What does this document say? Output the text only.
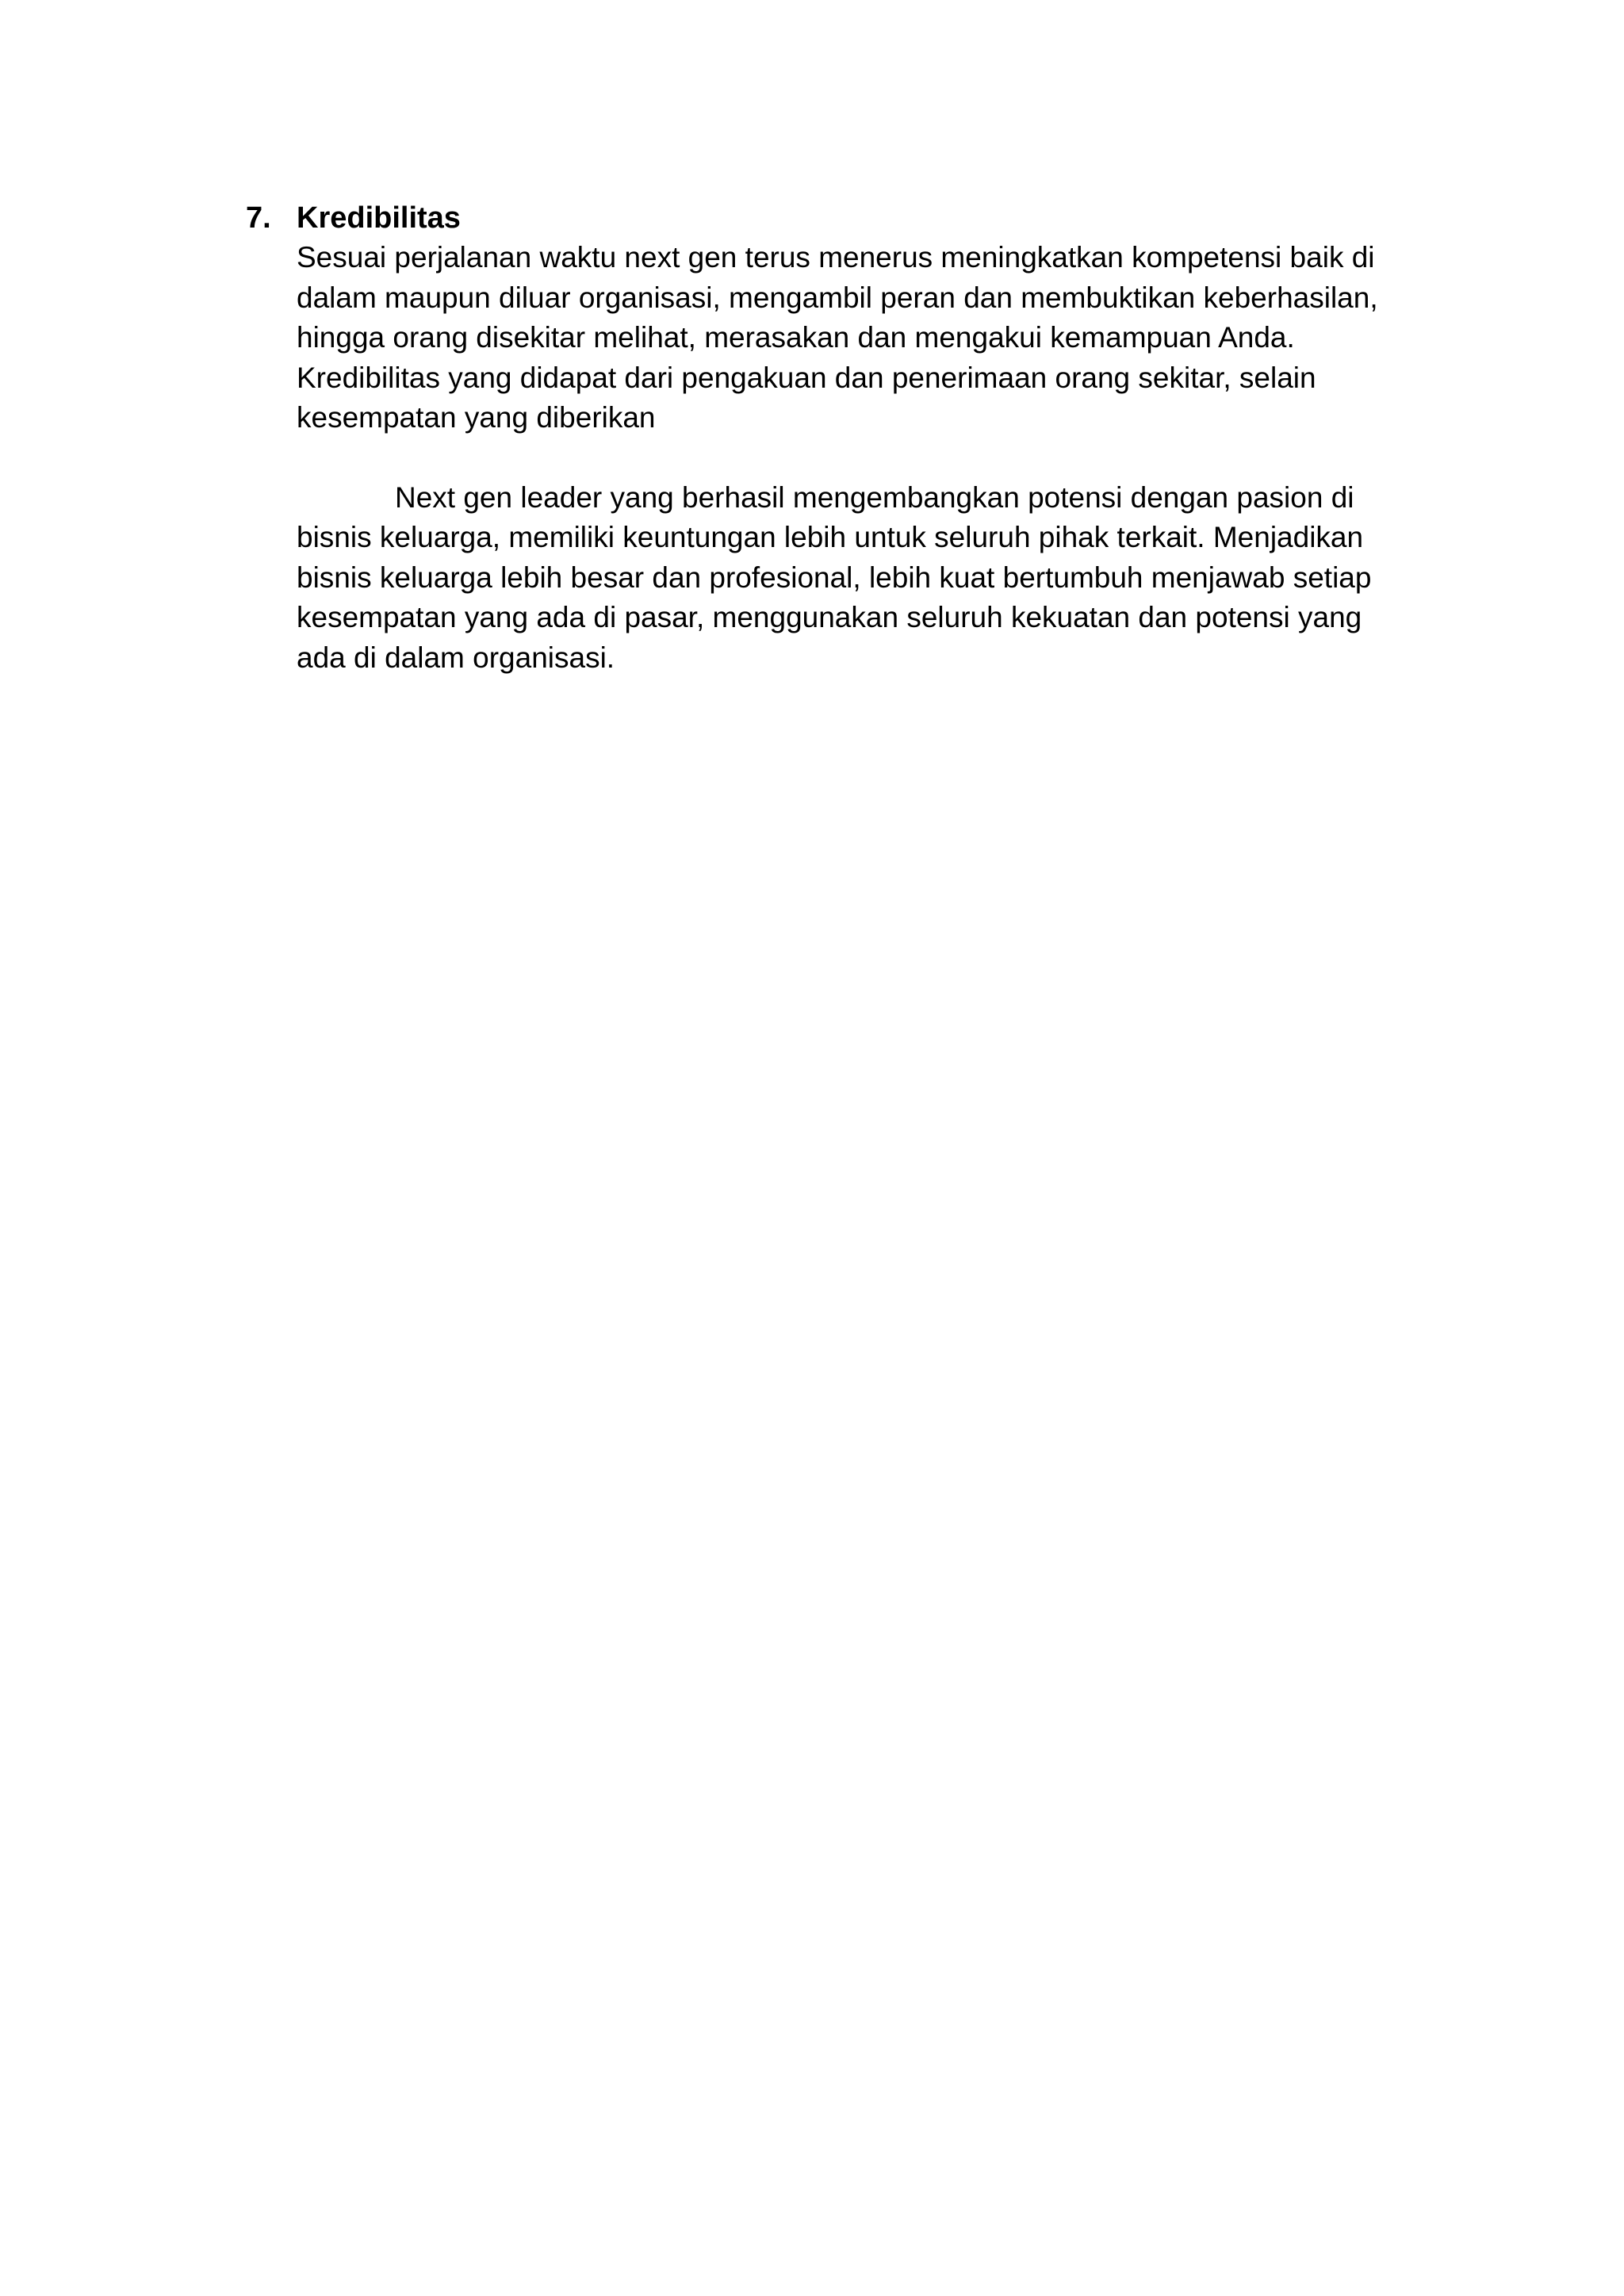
7. Kredibilitas
Sesuai perjalanan waktu next gen terus menerus meningkatkan kompetensi baik di
dalam maupun diluar organisasi, mengambil peran dan membuktikan keberhasilan,
hingga orang disekitar melihat, merasakan dan mengakui kemampuan Anda.
Kredibilitas yang didapat dari pengakuan dan penerimaan orang sekitar, selain
kesempatan yang diberikan
Next gen leader yang berhasil mengembangkan potensi dengan pasion di
bisnis keluarga, memiliki keuntungan lebih untuk seluruh pihak terkait. Menjadikan
bisnis keluarga lebih besar dan profesional, lebih kuat bertumbuh menjawab setiap
kesempatan yang ada di pasar, menggunakan seluruh kekuatan dan potensi yang
ada di dalam organisasi.
